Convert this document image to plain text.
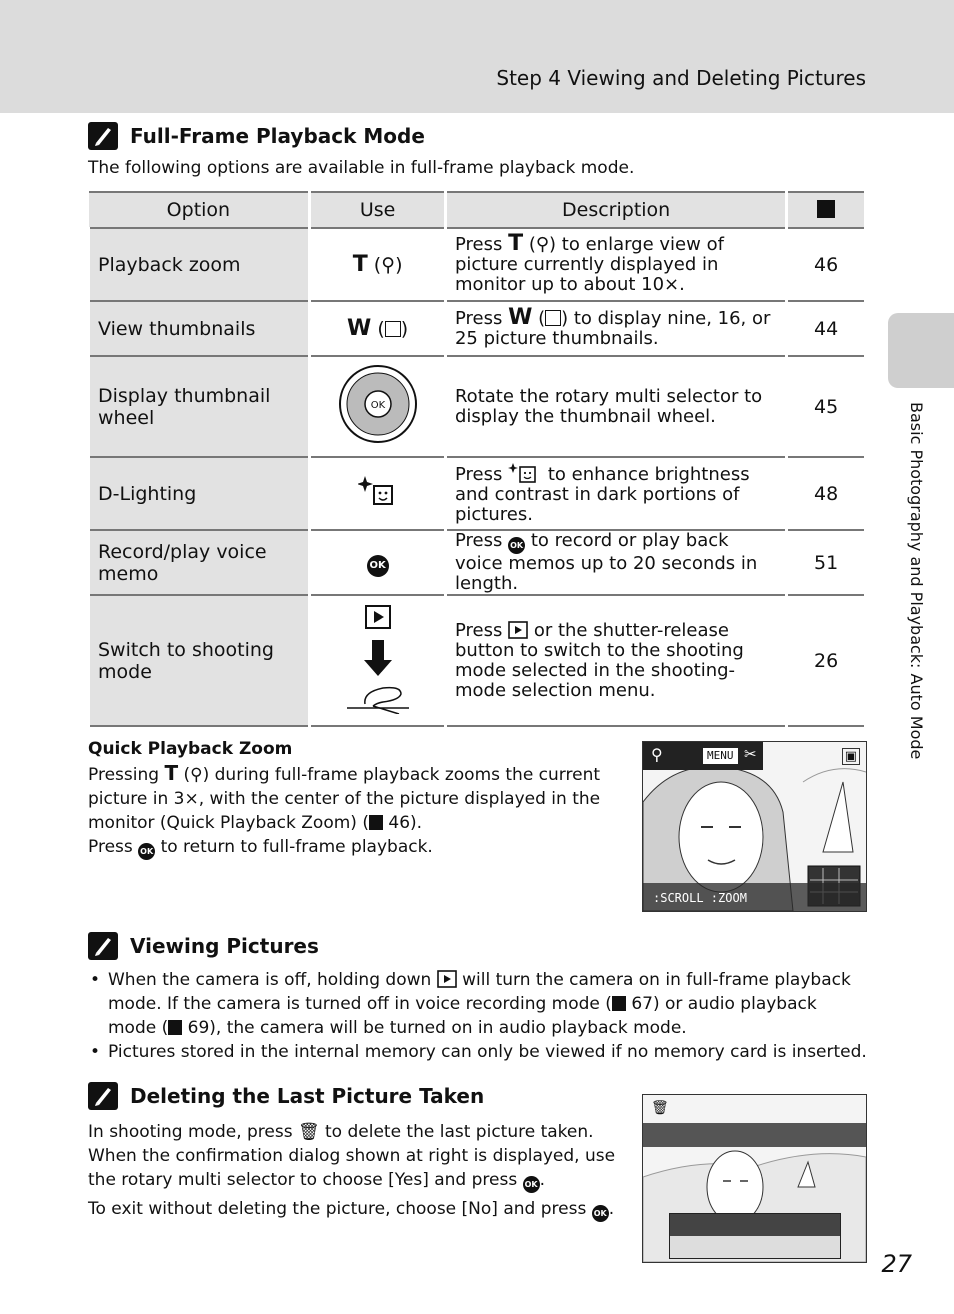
Step 4 Viewing and Deleting Pictures
Basic Photography and Playback: Auto Mode
Full-Frame Playback Mode
The following options are available in full-frame playback mode.
Option	Use	Description	
Playback zoom	T (⚲)	Press T (⚲) to enlarge view of picture currently displayed in monitor up to about 10×.	46
View thumbnails	W ( )	Press W ( ) to display nine, 16, or 25 picture thumbnails.	44
Display thumbnail wheel	OK	Rotate the rotary multi selector to display the thumbnail wheel.	45
D-Lighting		Press to enhance brightness and contrast in dark portions of pictures.	48
Record/play voice memo	OK	Press OK to record or play back voice memos up to 20 seconds in length.	51
Switch to shooting mode		Press or the shutter-release button to switch to the shooting mode selected in the shooting-mode selection menu.	26
Quick Playback Zoom
Pressing T (⚲) during full-frame playback zooms the current picture in 3×, with the center of the picture displayed in the monitor (Quick Playback Zoom) ( 46).
Press OK to return to full-frame playback.
⚲	MENU ✂	▣
:SCROLL :ZOOM
Viewing Pictures
• When the camera is off, holding down will turn the camera on in full-frame playback mode. If the camera is turned off in voice recording mode ( 67) or audio playback mode ( 69), the camera will be turned on in audio playback mode.
• Pictures stored in the internal memory can only be viewed if no memory card is inserted.
Deleting the Last Picture Taken

In shooting mode, press 🗑 to delete the last picture taken. When the confirmation dialog shown at right is displayed, use the rotary multi selector to choose [Yes] and press OK .

To exit without deleting the picture, choose [No] and press OK .

🗑
27
